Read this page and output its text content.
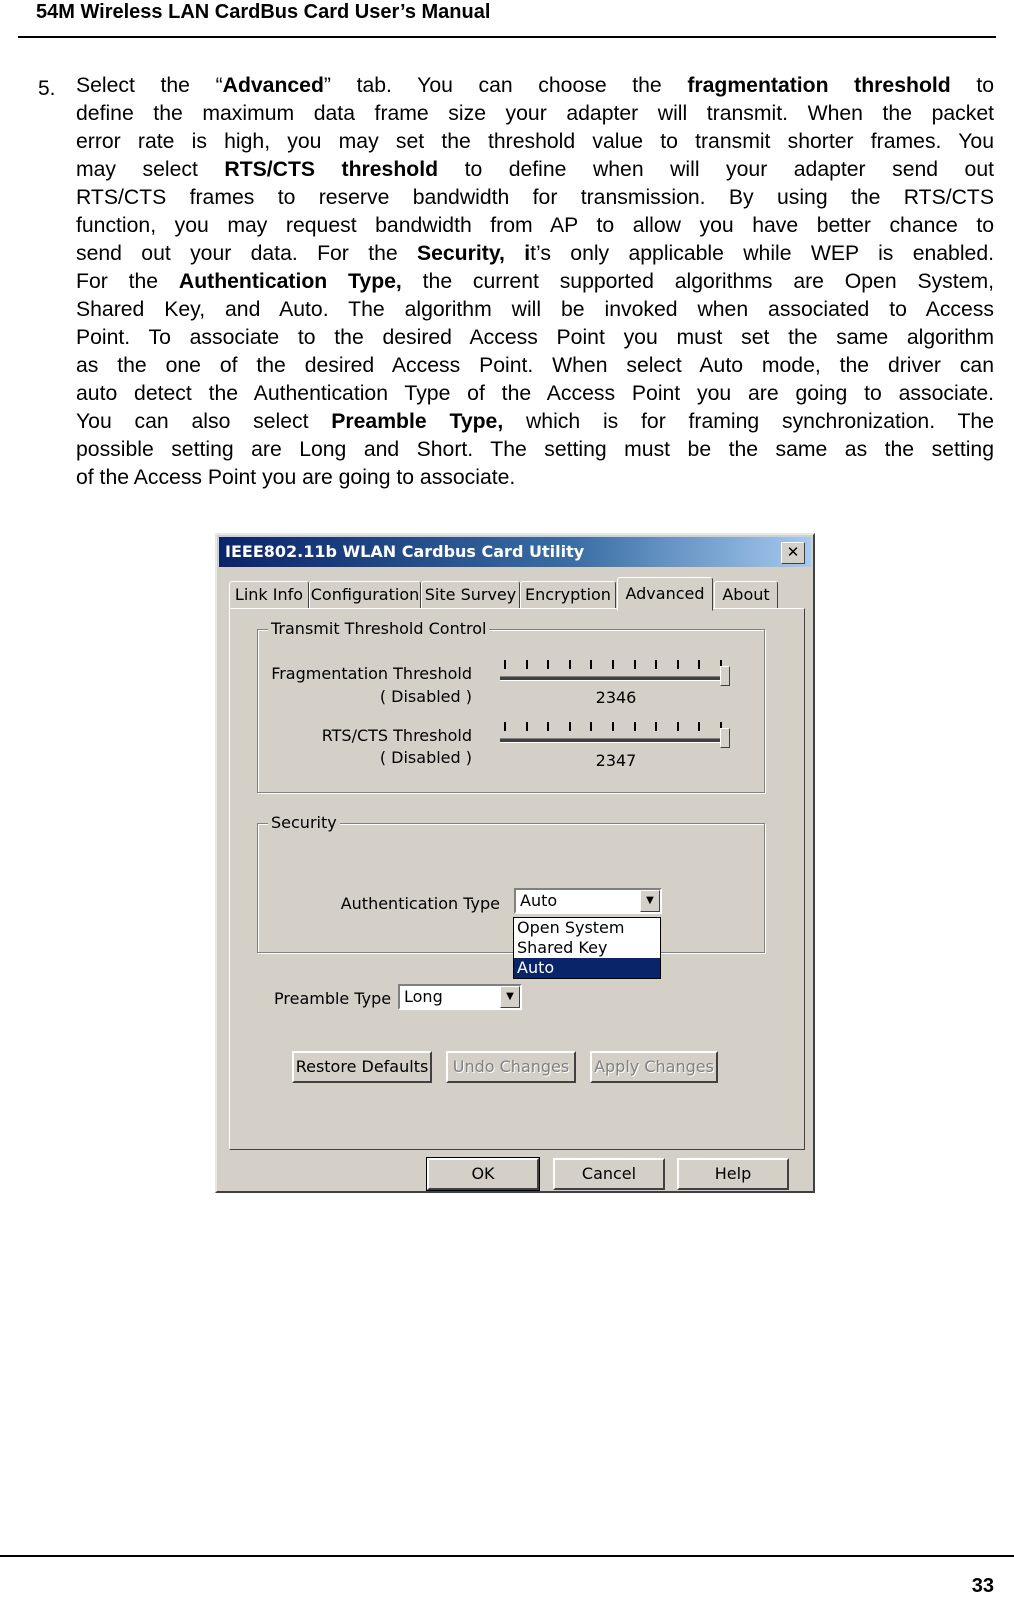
54M Wireless LAN CardBus Card User’s Manual
5. Select the “Advanced” tab. You can choose the fragmentation threshold to
define the maximum data frame size your adapter will transmit. When the packet
error rate is high, you may set the threshold value to transmit shorter frames. You
may select RTS/CTS threshold to define when will your adapter send out
RTS/CTS frames to reserve bandwidth for transmission. By using the RTS/CTS
function, you may request bandwidth from AP to allow you have better chance to
send out your data. For the Security, it’s only applicable while WEP is enabled.
For the Authentication Type, the current supported algorithms are Open System,
Shared Key, and Auto. The algorithm will be invoked when associated to Access
Point. To associate to the desired Access Point you must set the same algorithm
as the one of the desired Access Point. When select Auto mode, the driver can
auto detect the Authentication Type of the Access Point you are going to associate.
You can also select Preamble Type, which is for framing synchronization. The
possible setting are Long and Short. The setting must be the same as the setting
of the Access Point you are going to associate.
IEEE802.11b WLAN Cardbus Card Utility	✕
Link Info Configuration Site Survey Encryption Advanced	About
Transmit Threshold Control
Fragmentation Threshold
( Disabled )	2346
RTS/CTS Threshold
( Disabled )	2347
Security
Authentication Type	Auto	▼
Open System
Shared Key
Auto
Preamble Type Long	▼
Restore Defaults	Undo Changes	Apply Changes
OK	Cancel	Help
33
